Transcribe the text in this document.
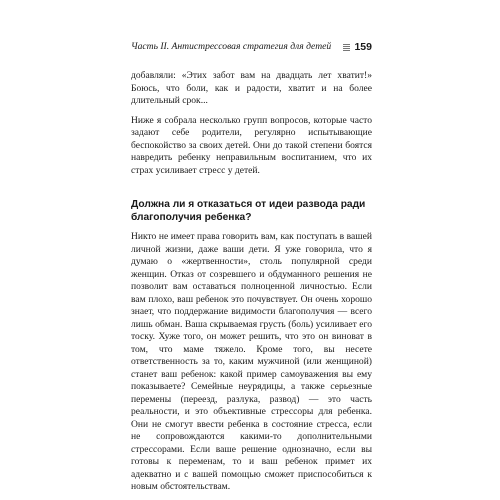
Часть II. Антистрессовая стратегия для детей 159

добавляли: «Этих забот вам на двадцать лет хватит!» Боюсь, что боли, как и радости, хватит и на более длительный срок...

Ниже я собрала несколько групп вопросов, которые часто задают себе родители, регулярно испытывающие беспокойство за своих детей. Они до такой степени боятся навредить ребенку неправильным воспитанием, что их страх усиливает стресс у детей.

Должна ли я отказаться от идеи развода ради благополучия ребенка?

Никто не имеет права говорить вам, как поступать в вашей личной жизни, даже ваши дети. Я уже говорила, что я думаю о «жертвенности», столь популярной среди женщин. Отказ от созревшего и обдуманного решения не позволит вам оставаться полноценной личностью. Если вам плохо, ваш ребенок это почувствует. Он очень хорошо знает, что поддержание видимости благополучия — всего лишь обман. Ваша скрываемая грусть (боль) усиливает его тоску. Хуже того, он может решить, что это он виноват в том, что маме тяжело. Кроме того, вы несете ответственность за то, каким мужчиной (или женщиной) станет ваш ребенок: какой пример самоуважения вы ему показываете? Семейные неурядицы, а также серьезные перемены (переезд, разлука, развод) — это часть реальности, и это объективные стрессоры для ребенка. Они не смогут ввести ребенка в состояние стресса, если не сопровождаются какими-то дополнительными стрессорами. Если ваше решение однозначно, если вы готовы к переменам, то и ваш ребенок примет их адекватно и с вашей помощью сможет приспособиться к новым обстоятельствам.
